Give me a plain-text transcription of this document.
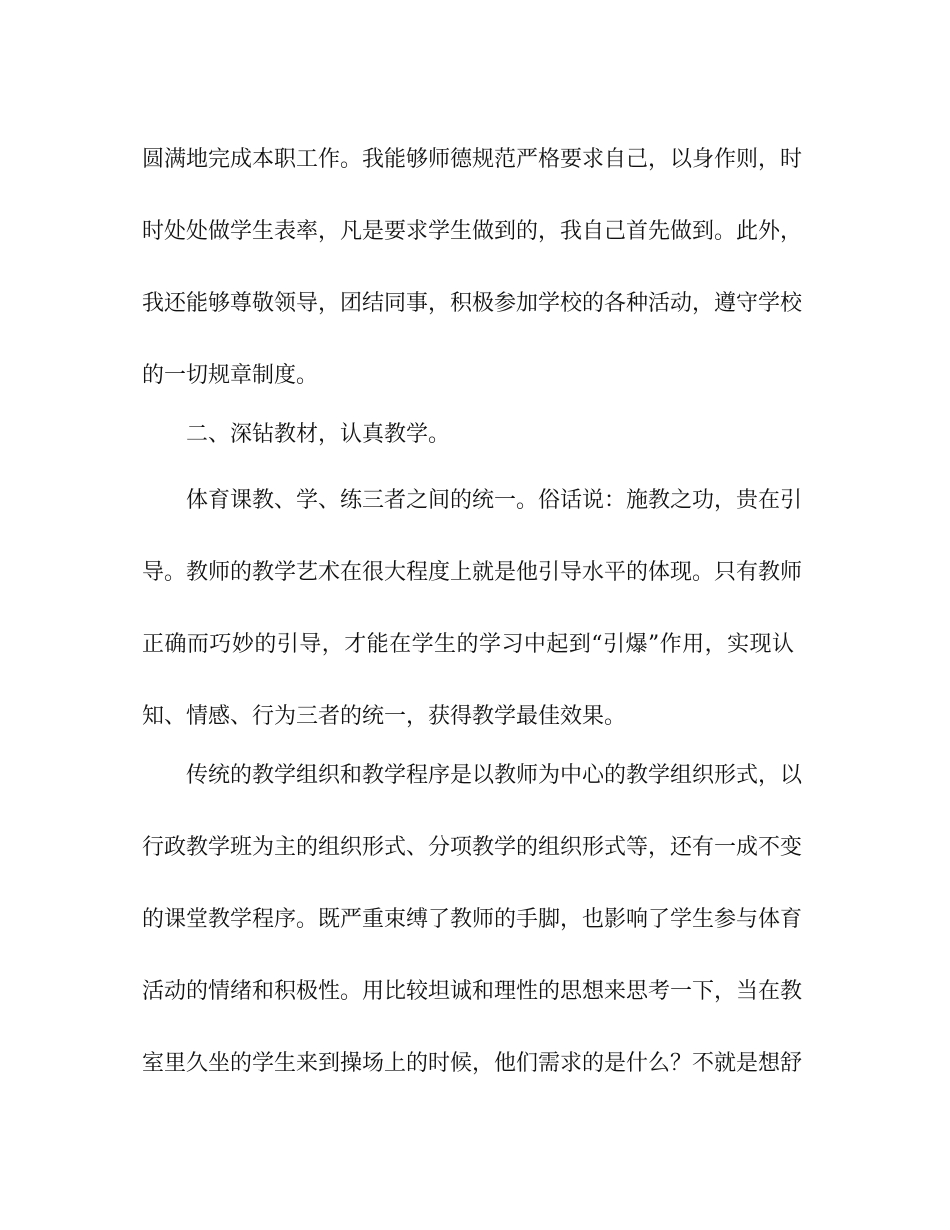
圆满地完成本职工作。我能够师德规范严格要求自己，以身作则，时
时处处做学生表率，凡是要求学生做到的，我自己首先做到。此外，
我还能够尊敬领导，团结同事，积极参加学校的各种活动，遵守学校
的一切规章制度。
二、深钻教材，认真教学。
体育课教、学、练三者之间的统一。俗话说：施教之功，贵在引
导。教师的教学艺术在很大程度上就是他引导水平的体现。只有教师
正确而巧妙的引导，才能在学生的学习中起到“引爆”作用，实现认
知、情感、行为三者的统一，获得教学最佳效果。
传统的教学组织和教学程序是以教师为中心的教学组织形式，以
行政教学班为主的组织形式、分项教学的组织形式等，还有一成不变
的课堂教学程序。既严重束缚了教师的手脚，也影响了学生参与体育
活动的情绪和积极性。用比较坦诚和理性的思想来思考一下，当在教
室里久坐的学生来到操场上的时候，他们需求的是什么？不就是想舒
